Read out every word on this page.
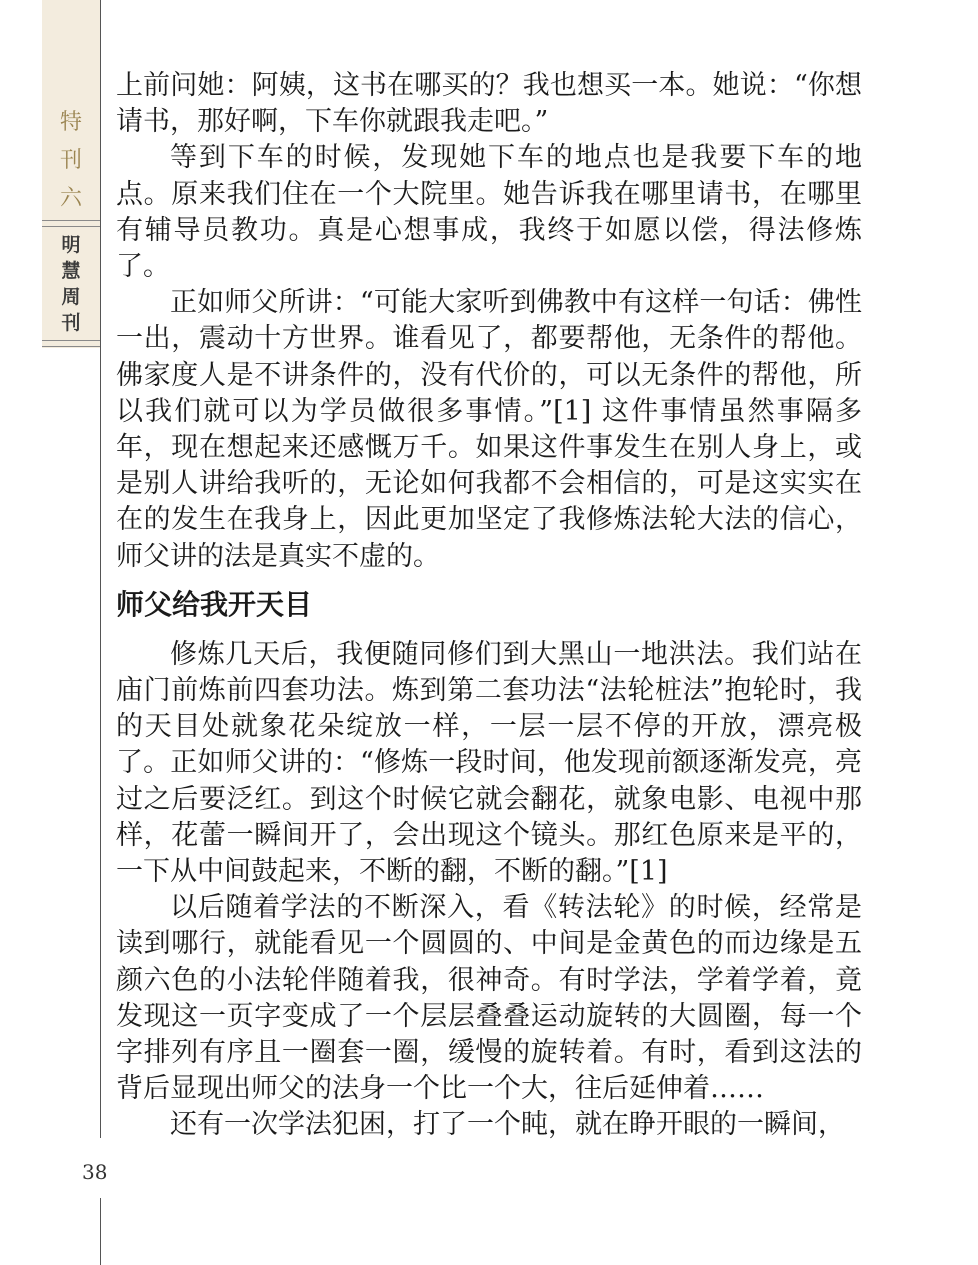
特
刊
六
明
慧
周
刊

上前问她：阿姨，这书在哪买的？我也想买一本。她说：“你想请书，那好啊，下车你就跟我走吧。”

等到下车的时候，发现她下车的地点也是我要下车的地点。原来我们住在一个大院里。她告诉我在哪里请书，在哪里有辅导员教功。真是心想事成，我终于如愿以偿，得法修炼了。

正如师父所讲：“可能大家听到佛教中有这样一句话：佛性一出，震动十方世界。谁看见了，都要帮他，无条件的帮他。佛家度人是不讲条件的，没有代价的，可以无条件的帮他，所以我们就可以为学员做很多事情。”[1] 这件事情虽然事隔多年，现在想起来还感慨万千。如果这件事发生在别人身上，或是别人讲给我听的，无论如何我都不会相信的，可是这实实在在的发生在我身上，因此更加坚定了我修炼法轮大法的信心，师父讲的法是真实不虚的。

师父给我开天目

修炼几天后，我便随同修们到大黑山一地洪法。我们站在庙门前炼前四套功法。炼到第二套功法“法轮桩法”抱轮时，我的天目处就象花朵绽放一样，一层一层不停的开放，漂亮极了。正如师父讲的：“修炼一段时间，他发现前额逐渐发亮，亮过之后要泛红。到这个时候它就会翻花，就象电影、电视中那样，花蕾一瞬间开了，会出现这个镜头。那红色原来是平的，一下从中间鼓起来，不断的翻，不断的翻。”[1]

以后随着学法的不断深入，看《转法轮》的时候，经常是读到哪行，就能看见一个圆圆的、中间是金黄色的而边缘是五颜六色的小法轮伴随着我，很神奇。有时学法，学着学着，竟发现这一页字变成了一个层层叠叠运动旋转的大圆圈，每一个字排列有序且一圈套一圈，缓慢的旋转着。有时，看到这法的背后显现出师父的法身一个比一个大，往后延伸着……

还有一次学法犯困，打了一个盹，就在睁开眼的一瞬间，

38
